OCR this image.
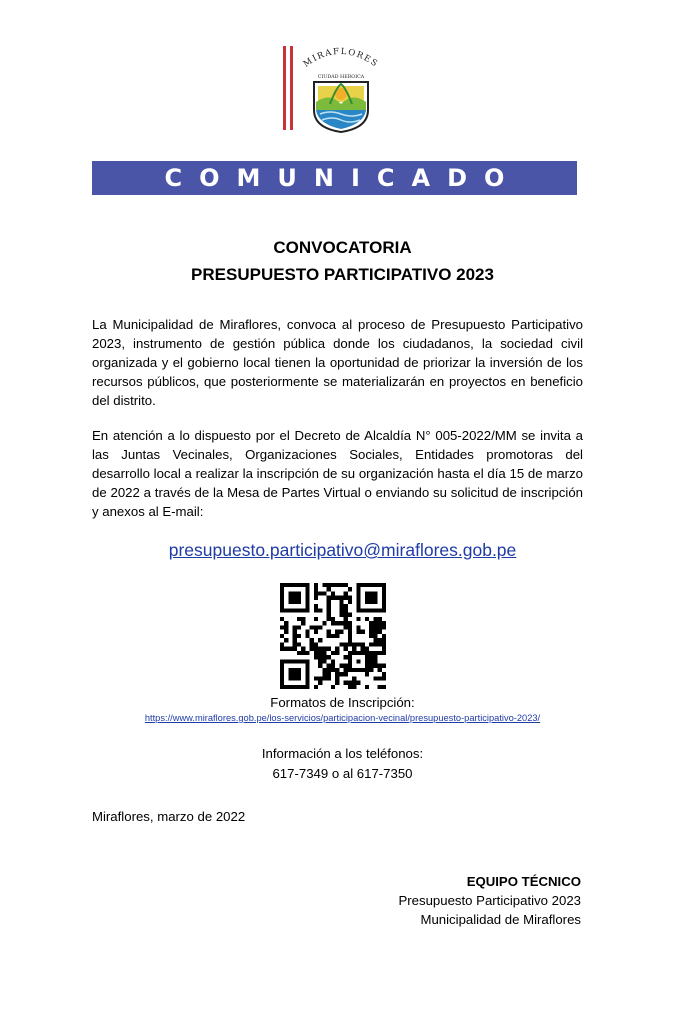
MIRAFLORES
CIUDAD HEROICA
COMUNICADO
CONVOCATORIA
PRESUPUESTO PARTICIPATIVO 2023
La Municipalidad de Miraflores, convoca al proceso de Presupuesto Participativo 2023, instrumento de gestión pública donde los ciudadanos, la sociedad civil organizada y el gobierno local tienen la oportunidad de priorizar la inversión de los recursos públicos, que posteriormente se materializarán en proyectos en beneficio del distrito.
En atención a lo dispuesto por el Decreto de Alcaldía N° 005-2022/MM se invita a las Juntas Vecinales, Organizaciones Sociales, Entidades promotoras del desarrollo local a realizar la inscripción de su organización hasta el día 15 de marzo de 2022 a través de la Mesa de Partes Virtual o enviando su solicitud de inscripción y anexos al E-mail:
presupuesto.participativo@miraflores.gob.pe
Formatos de Inscripción:
https://www.miraflores.gob.pe/los-servicios/participacion-vecinal/presupuesto-participativo-2023/
Información a los teléfonos:
617-7349 o al 617-7350
Miraflores, marzo de 2022
EQUIPO TÉCNICO
Presupuesto Participativo 2023
Municipalidad de Miraflores
